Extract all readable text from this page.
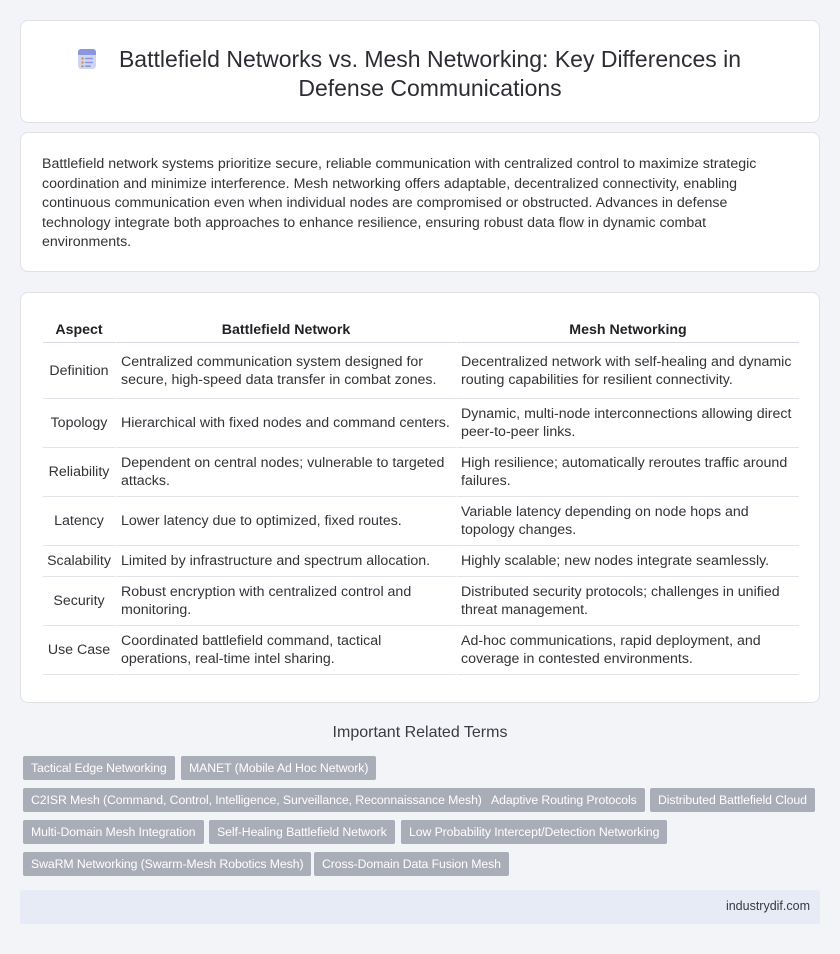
Battlefield Networks vs. Mesh Networking: Key Differences in Defense Communications

Battlefield network systems prioritize secure, reliable communication with centralized control to maximize strategic coordination and minimize interference. Mesh networking offers adaptable, decentralized connectivity, enabling continuous communication even when individual nodes are compromised or obstructed. Advances in defense technology integrate both approaches to enhance resilience, ensuring robust data flow in dynamic combat environments.

Aspect	Battlefield Network	Mesh Networking
Definition	Centralized communication system designed for secure, high-speed data transfer in combat zones.	Decentralized network with self-healing and dynamic routing capabilities for resilient connectivity.
Topology	Hierarchical with fixed nodes and command centers.	Dynamic, multi-node interconnections allowing direct peer-to-peer links.
Reliability	Dependent on central nodes; vulnerable to targeted attacks.	High resilience; automatically reroutes traffic around failures.
Latency	Lower latency due to optimized, fixed routes.	Variable latency depending on node hops and topology changes.
Scalability	Limited by infrastructure and spectrum allocation.	Highly scalable; new nodes integrate seamlessly.
Security	Robust encryption with centralized control and monitoring.	Distributed security protocols; challenges in unified threat management.
Use Case	Coordinated battlefield command, tactical operations, real-time intel sharing.	Ad-hoc communications, rapid deployment, and coverage in contested environments.
Important Related Terms
Tactical Edge Networking	MANET (Mobile Ad Hoc Network)
C2ISR Mesh (Command, Control, Intelligence, Surveillance, Reconnaissance Mesh) Adaptive Routing Protocols	Distributed Battlefield Cloud
Multi-Domain Mesh Integration	Self-Healing Battlefield Network	Low Probability Intercept/Detection Networking
SwaRM Networking (Swarm-Mesh Robotics Mesh)	Cross-Domain Data Fusion Mesh
industrydif.com
